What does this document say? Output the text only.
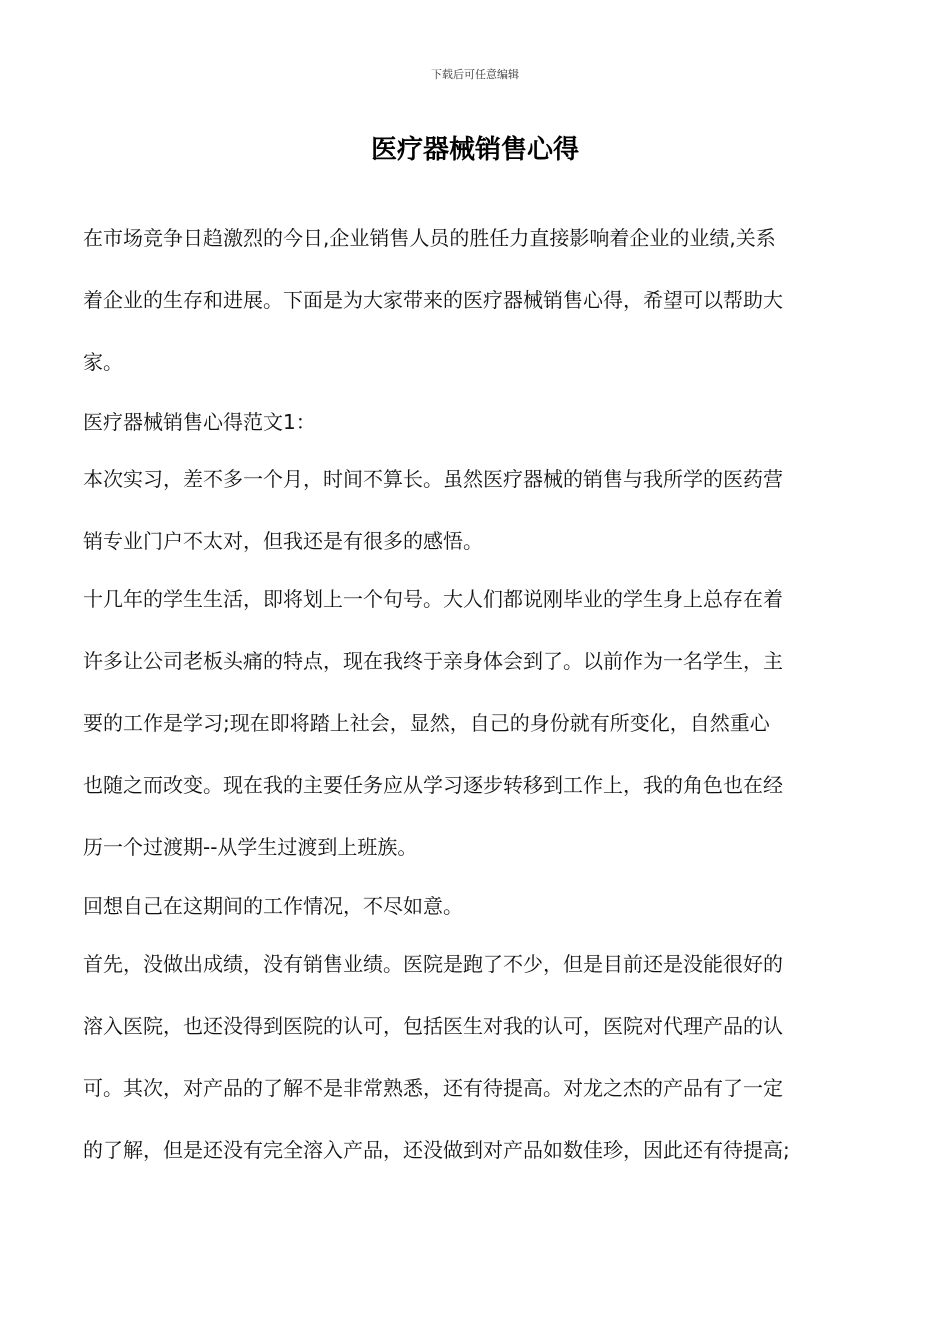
下载后可任意编辑

医疗器械销售心得

在市场竞争日趋激烈的今日,企业销售人员的胜任力直接影响着企业的业绩,关系

着企业的生存和进展。下面是为大家带来的医疗器械销售心得，希望可以帮助大

家。

医疗器械销售心得范文1：

本次实习，差不多一个月，时间不算长。虽然医疗器械的销售与我所学的医药营

销专业门户不太对，但我还是有很多的感悟。

十几年的学生生活，即将划上一个句号。大人们都说刚毕业的学生身上总存在着

许多让公司老板头痛的特点，现在我终于亲身体会到了。以前作为一名学生，主

要的工作是学习;现在即将踏上社会，显然，自己的身份就有所变化，自然重心

也随之而改变。现在我的主要任务应从学习逐步转移到工作上，我的角色也在经

历一个过渡期--从学生过渡到上班族。

回想自己在这期间的工作情况，不尽如意。

首先，没做出成绩，没有销售业绩。医院是跑了不少，但是目前还是没能很好的

溶入医院，也还没得到医院的认可，包括医生对我的认可，医院对代理产品的认

可。其次，对产品的了解不是非常熟悉，还有待提高。对龙之杰的产品有了一定

的了解，但是还没有完全溶入产品，还没做到对产品如数佳珍，因此还有待提高;
